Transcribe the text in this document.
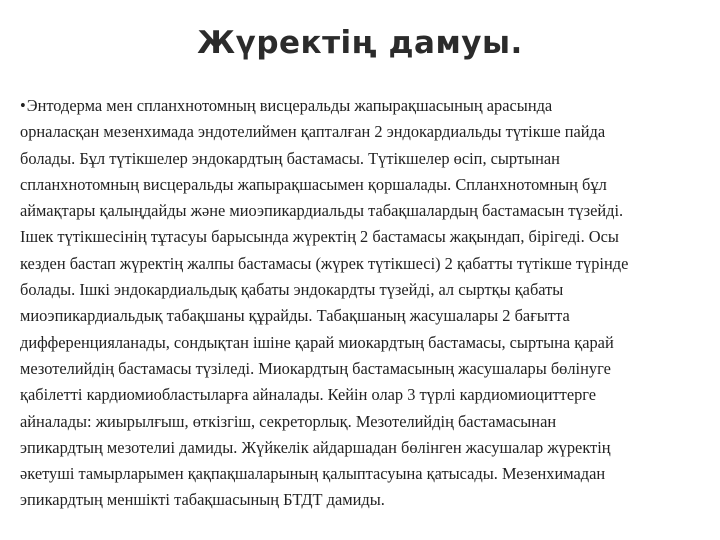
Жүректің дамуы.
•Энтодерма мен спланхнотомның висцеральды жапырақшасының арасында
орналасқан мезенхимада эндотелиймен қапталған 2 эндокардиальды түтікше пайда
болады. Бұл түтікшелер эндокардтың бастамасы. Түтікшелер өсіп, сыртынан
спланхнотомның висцеральды жапырақшасымен қоршалады. Спланхнотомның бұл
аймақтары қалыңдайды және миоэпикардиальды табақшалардың бастамасын түзейді.
Ішек түтікшесінің тұтасуы барысында жүректің 2 бастамасы жақындап, бірігеді. Осы
кезден бастап жүректің жалпы бастамасы (жүрек түтікшесі) 2 қабатты түтікше түрінде
болады. Ішкі эндокардиальдық қабаты эндокардты түзейді, ал сыртқы қабаты
миоэпикардиальдық табақшаны құрайды. Табақшаның жасушалары 2 бағытта
дифференцияланады, сондықтан ішіне қарай миокардтың бастамасы, сыртына қарай
мезотелийдің бастамасы түзіледі. Миокардтың бастамасының жасушалары бөлінуге
қабілетті кардиомиобластыларға айналады. Кейін олар 3 түрлі кардиомиоциттерге
айналады: жиырылғыш, өткізгіш, секреторлық. Мезотелийдің бастамасынан
эпикардтың мезотелиі дамиды. Жүйкелік айдаршадан бөлінген жасушалар жүректің
әкетуші тамырларымен қақпақшаларының қалыптасуына қатысады. Мезенхимадан
эпикардтың меншікті табақшасының БТДТ дамиды.
